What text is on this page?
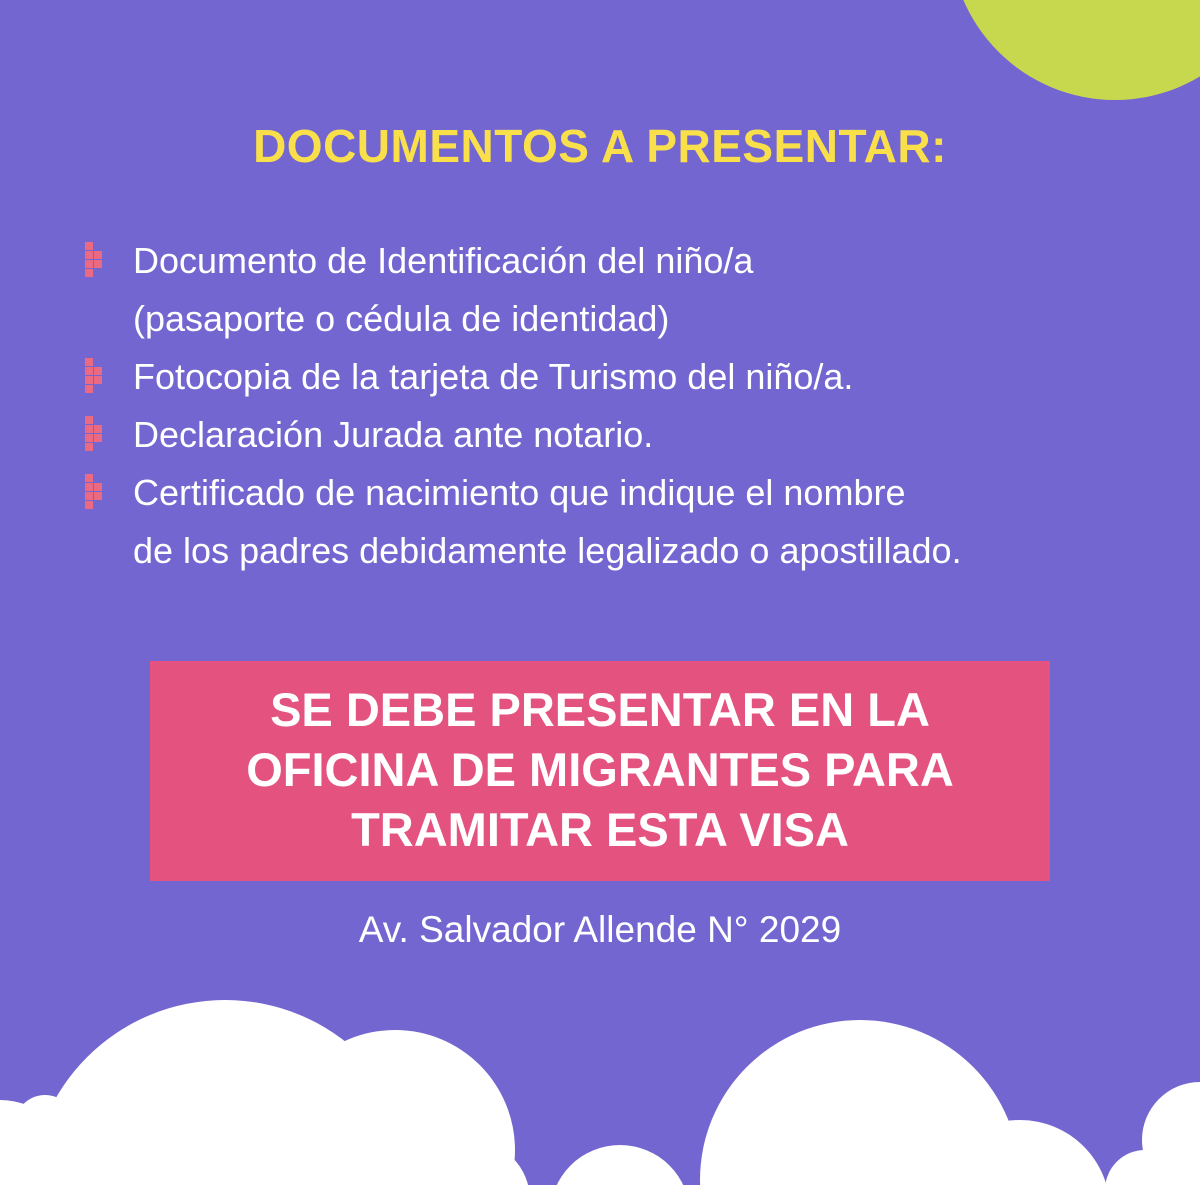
DOCUMENTOS A PRESENTAR:
Documento de Identificación del niño/a
(pasaporte o cédula de identidad)
Fotocopia de la tarjeta de Turismo del niño/a.
Declaración Jurada ante notario.
Certificado de nacimiento que indique el nombre
de los padres debidamente legalizado o apostillado.
SE DEBE PRESENTAR EN LA
OFICINA DE MIGRANTES PARA
TRAMITAR ESTA VISA
Av. Salvador Allende N° 2029
